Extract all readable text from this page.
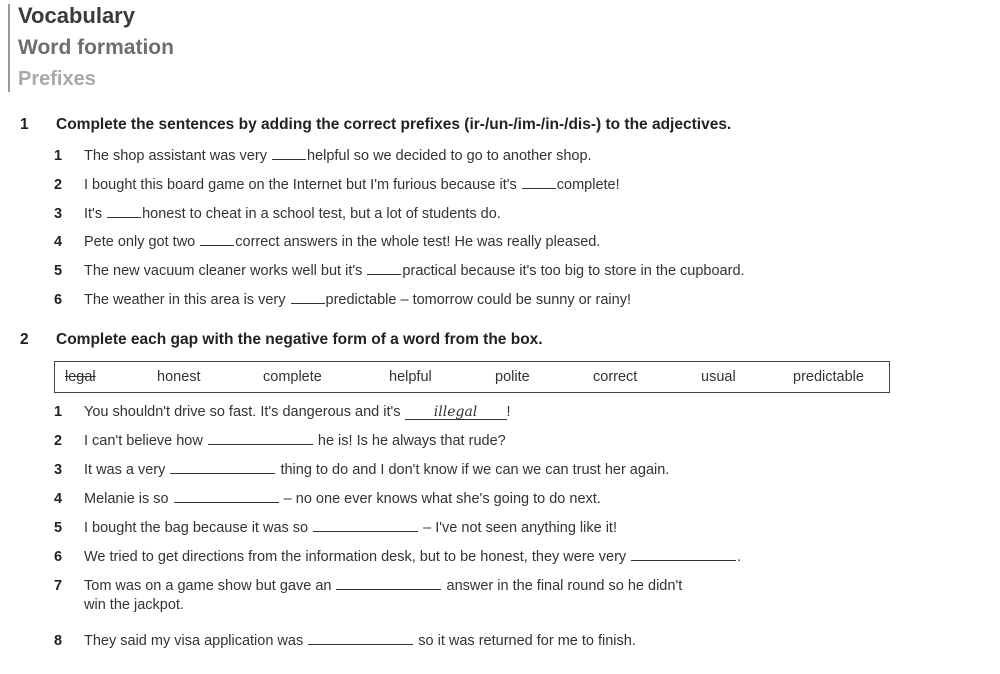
Vocabulary
Word formation
Prefixes
1 Complete the sentences by adding the correct prefixes (ir-/un-/im-/in-/dis-) to the adjectives.
1 The shop assistant was very helpful so we decided to go to another shop.
2 I bought this board game on the Internet but I'm furious because it's complete!
3 It's honest to cheat in a school test, but a lot of students do.
4 Pete only got two correct answers in the whole test! He was really pleased.
5 The new vacuum cleaner works well but it's practical because it's too big to store in the cupboard.
6 The weather in this area is very predictable – tomorrow could be sunny or rainy!
2 Complete each gap with the negative form of a word from the box.
legal	honest	complete	helpful	polite	correct	usual	predictable
1 You shouldn't drive so fast. It's dangerous and it's illegal !
2 I can't believe how	he is! Is he always that rude?
3 It was a very	thing to do and I don't know if we can we can trust her again.
4 Melanie is so	– no one ever knows what she's going to do next.
5 I bought the bag because it was so	– I've not seen anything like it!
6 We tried to get directions from the information desk, but to be honest, they were very	.
7 Tom was on a game show but gave an	answer in the final round so he didn't
win the jackpot.
8 They said my visa application was	so it was returned for me to finish.
